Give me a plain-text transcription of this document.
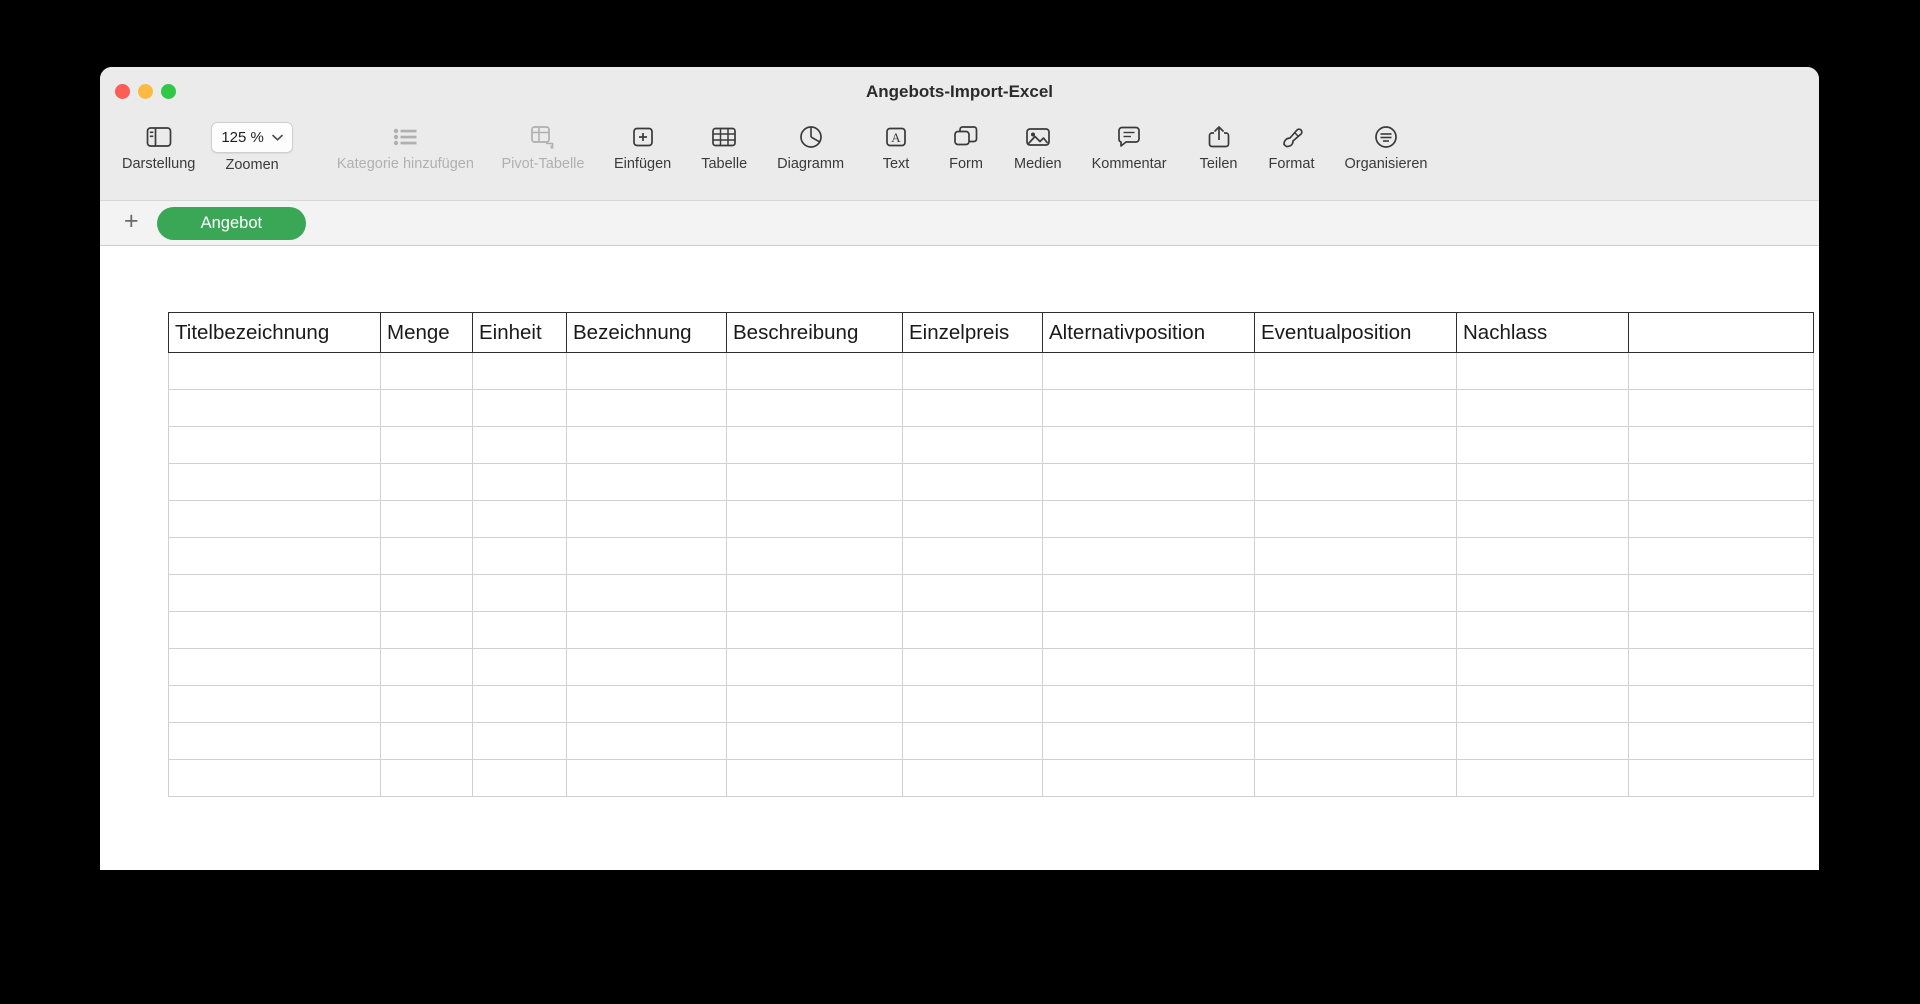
Angebots-Import-Excel
Darstellung
125 %
Zoomen	Kategorie hinzufügen Pivot-Tabelle Einfügen Tabelle Diagramm
A
Text	Form Medien Kommentar Teilen Format Organisieren
+	Angebot
Titelbezeichnung	Menge	Einheit	Bezeichnung	Beschreibung	Einzelpreis	Alternativposition	Eventualposition	Nachlass	
